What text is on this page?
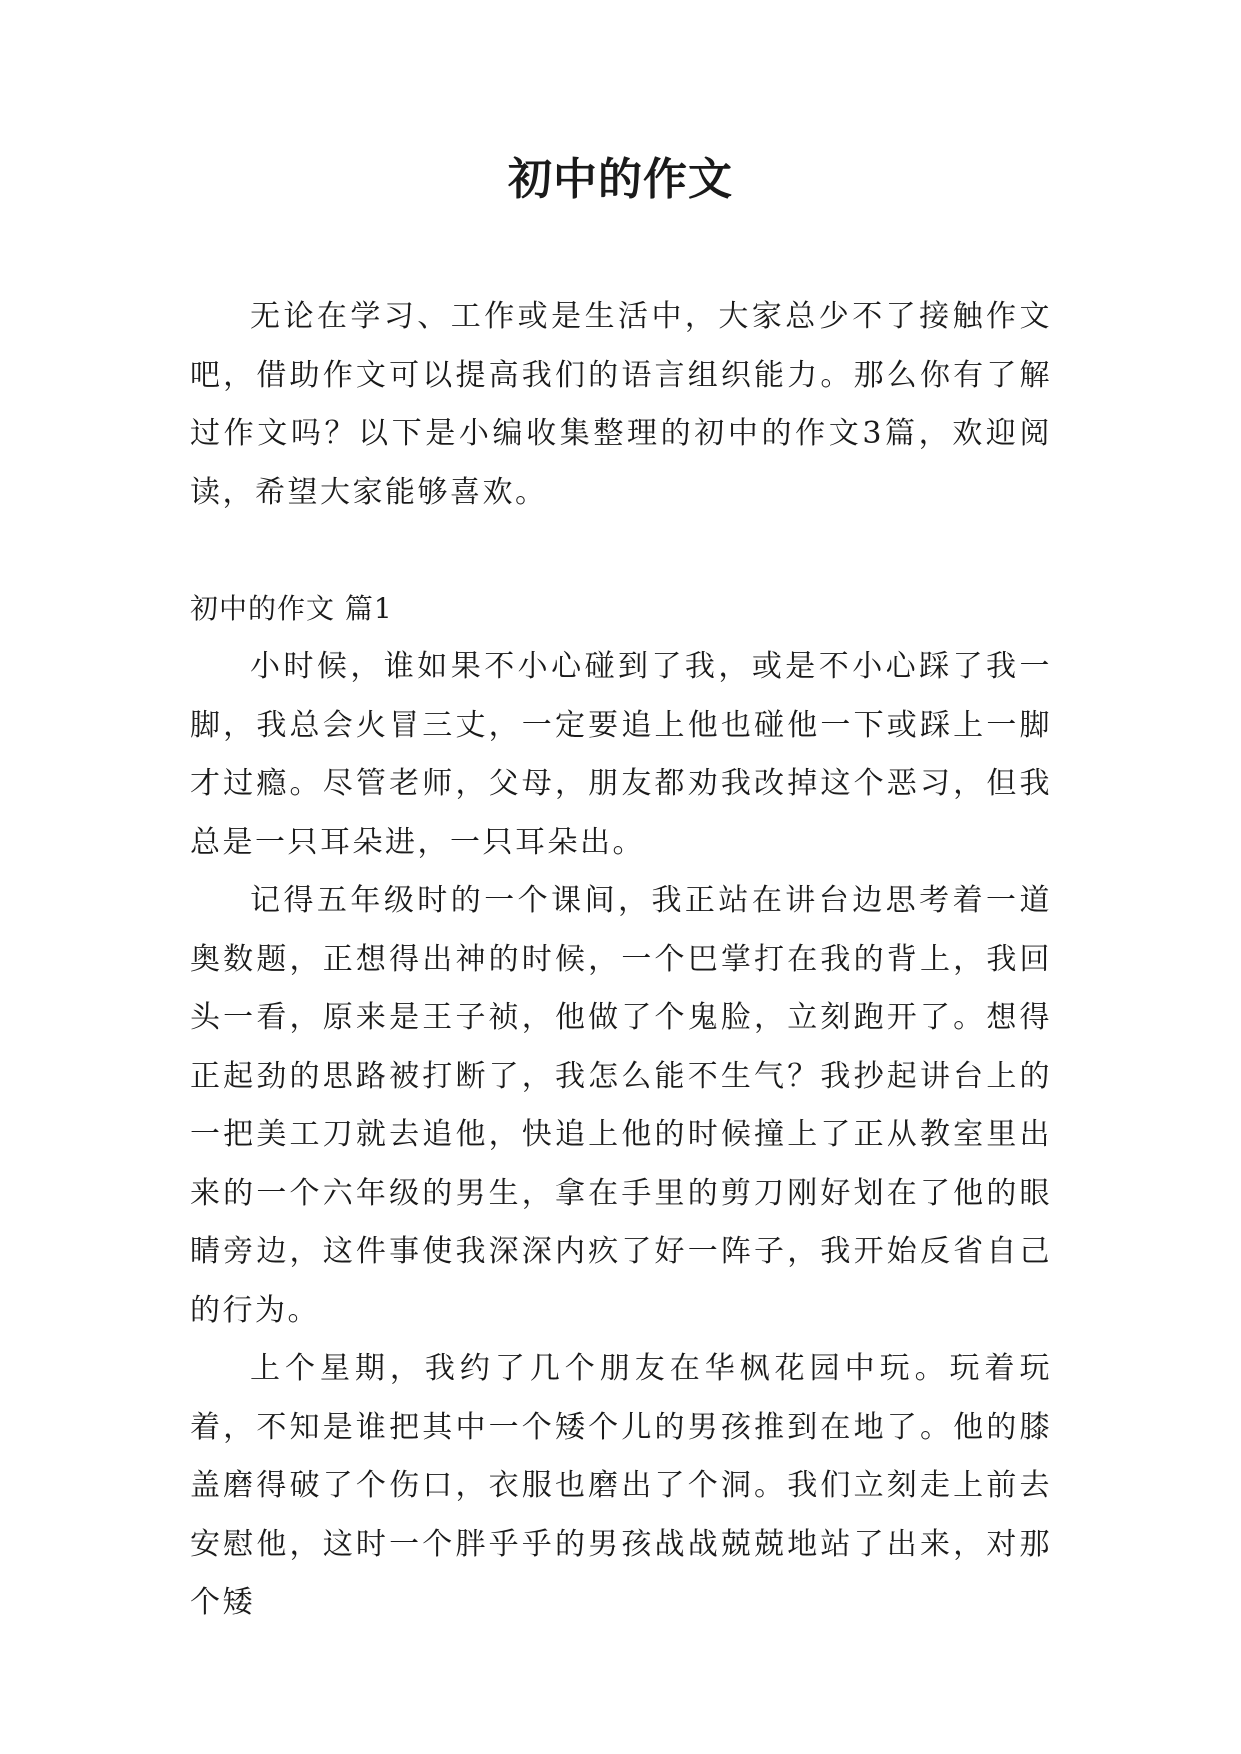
初中的作文

无论在学习、工作或是生活中，大家总少不了接触作文吧，借助作文可以提高我们的语言组织能力。那么你有了解过作文吗？以下是小编收集整理的初中的作文3篇，欢迎阅读，希望大家能够喜欢。

初中的作文 篇1

小时候，谁如果不小心碰到了我，或是不小心踩了我一脚，我总会火冒三丈，一定要追上他也碰他一下或踩上一脚才过瘾。尽管老师，父母，朋友都劝我改掉这个恶习，但我总是一只耳朵进，一只耳朵出。

记得五年级时的一个课间，我正站在讲台边思考着一道奥数题，正想得出神的时候，一个巴掌打在我的背上，我回头一看，原来是王子祯，他做了个鬼脸，立刻跑开了。想得正起劲的思路被打断了，我怎么能不生气？我抄起讲台上的一把美工刀就去追他，快追上他的时候撞上了正从教室里出来的一个六年级的男生，拿在手里的剪刀刚好划在了他的眼睛旁边，这件事使我深深内疚了好一阵子，我开始反省自己的行为。

上个星期，我约了几个朋友在华枫花园中玩。玩着玩着，不知是谁把其中一个矮个儿的男孩推到在地了。他的膝盖磨得破了个伤口，衣服也磨出了个洞。我们立刻走上前去安慰他，这时一个胖乎乎的男孩战战兢兢地站了出来，对那个矮
